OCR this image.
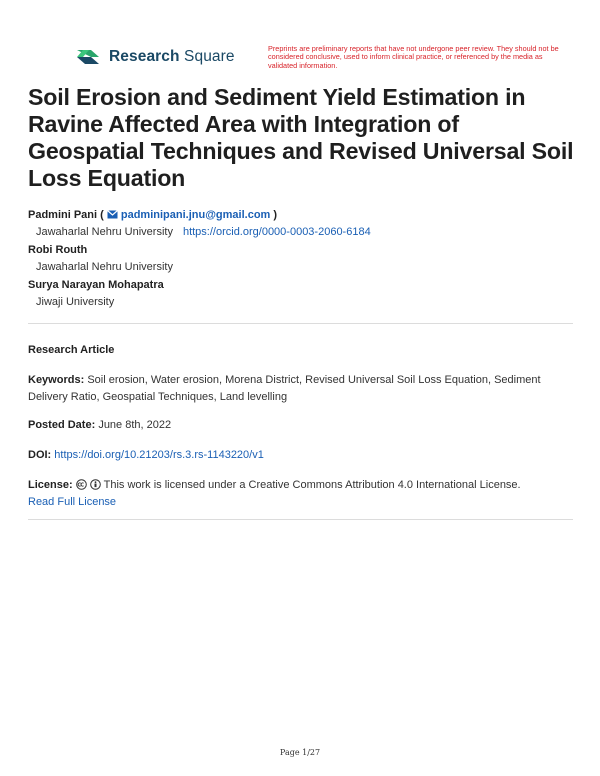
Research Square	Preprints are preliminary reports that have not undergone peer review. They should not be considered conclusive, used to inform clinical practice, or referenced by the media as validated information.
Soil Erosion and Sediment Yield Estimation in Ravine Affected Area with Integration of Geospatial Techniques and Revised Universal Soil Loss Equation
Padmini Pani ( padminipani.jnu@gmail.com )
Jawaharlal Nehru University https://orcid.org/0000-0003-2060-6184
Robi Routh
Jawaharlal Nehru University
Surya Narayan Mohapatra
Jiwaji University
Research Article
Keywords: Soil erosion, Water erosion, Morena District, Revised Universal Soil Loss Equation, Sediment Delivery Ratio, Geospatial Techniques, Land levelling
Posted Date: June 8th, 2022
DOI: https://doi.org/10.21203/rs.3.rs-1143220/v1
License:	This work is licensed under a Creative Commons Attribution 4.0 International License.
Read Full License
Page 1/27
